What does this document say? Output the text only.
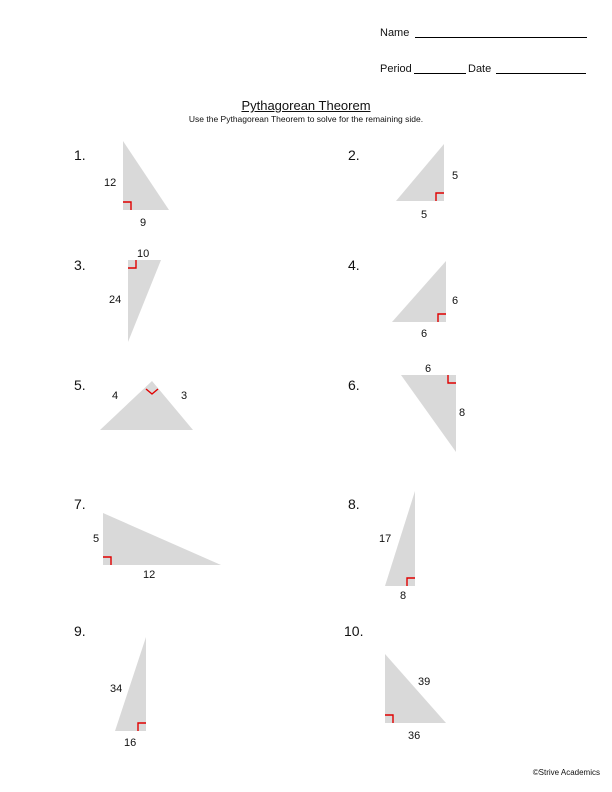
Name
Period	Date
Pythagorean Theorem
Use the Pythagorean Theorem to solve for the remaining side.
1.	2.
3.	4.
5.	6.
7.	8.
9.	10.
12
9
5
5
10
24	6
6
4	3
6
8
5
12
17
8
34
16
39
36
©Strive Academics
